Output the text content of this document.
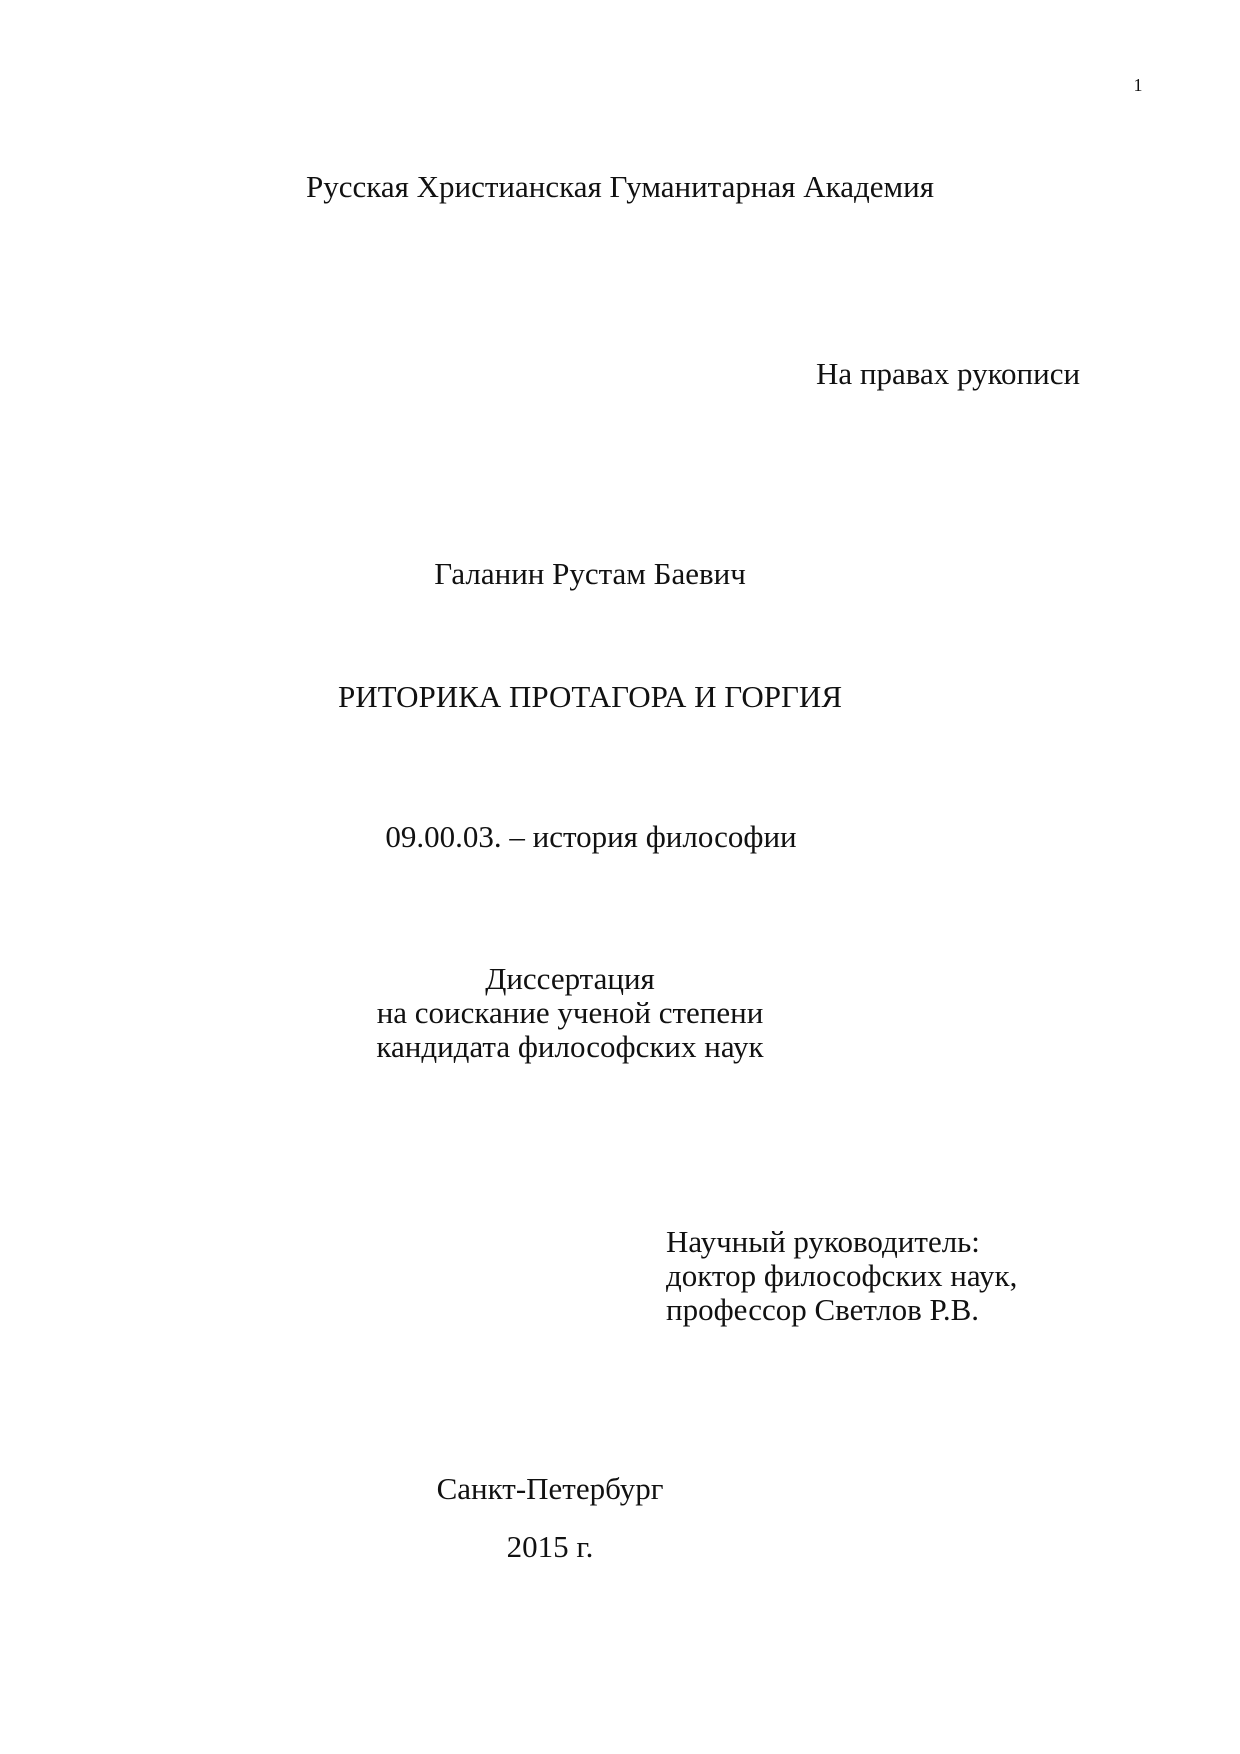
1
Русская Христианская Гуманитарная Академия
На правах рукописи
Галанин Рустам Баевич
РИТОРИКА ПРОТАГОРА И ГОРГИЯ
09.00.03. – история философии
Диссертация
на соискание ученой степени
кандидата философских наук
Научный руководитель:
доктор философских наук,
профессор Светлов Р.В.
Санкт-Петербург
2015 г.
